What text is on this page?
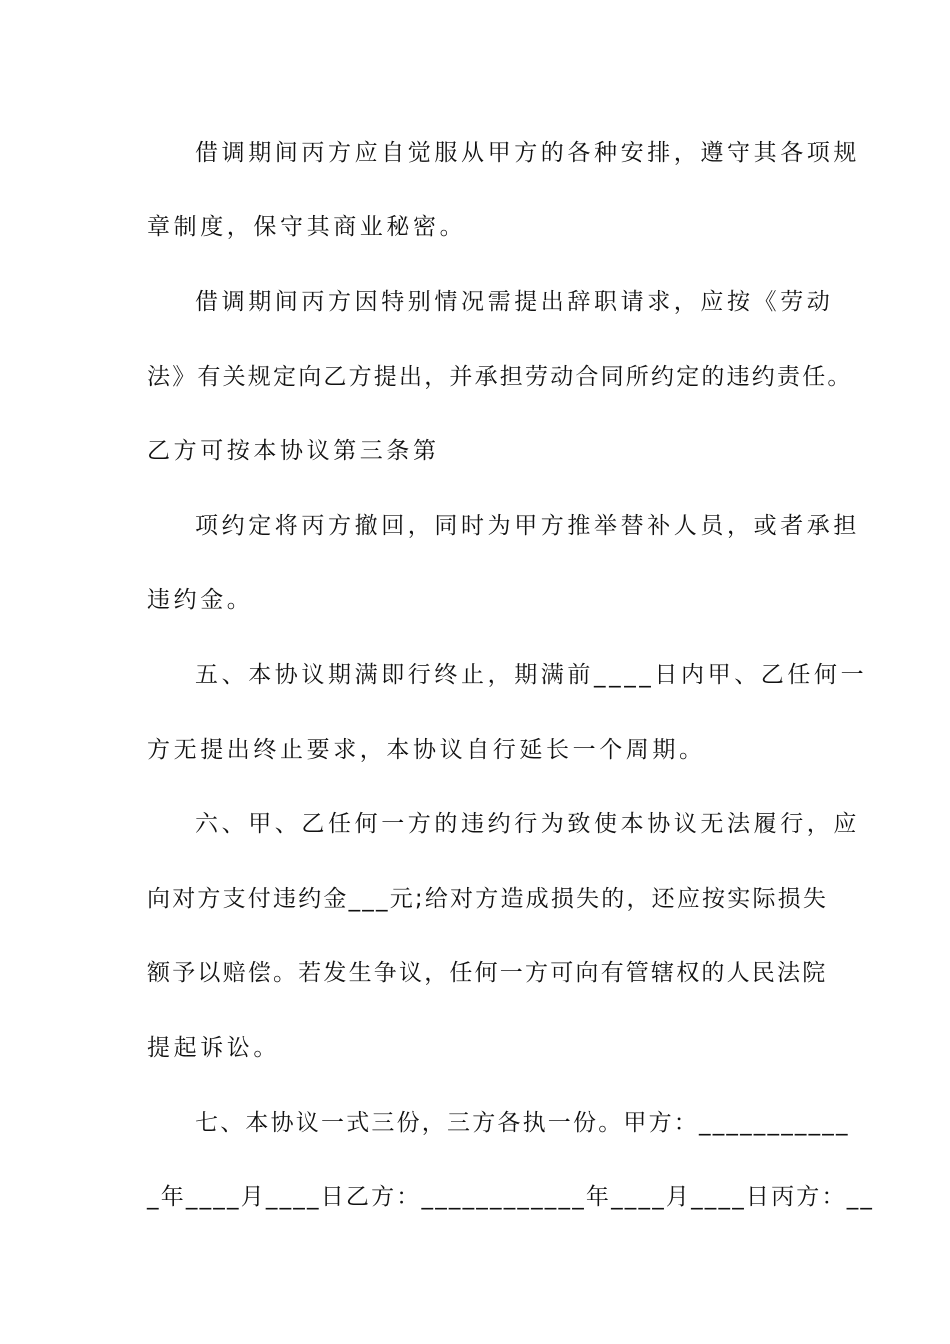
借调期间丙方应自觉服从甲方的各种安排，遵守其各项规
章制度，保守其商业秘密。
借调期间丙方因特别情况需提出辞职请求，应按《劳动
法》有关规定向乙方提出，并承担劳动合同所约定的违约责任。
乙方可按本协议第三条第
项约定将丙方撤回，同时为甲方推举替补人员，或者承担
违约金。
五、本协议期满即行终止，期满前____日内甲、乙任何一
方无提出终止要求，本协议自行延长一个周期。
六、甲、乙任何一方的违约行为致使本协议无法履行，应
向对方支付违约金___元;给对方造成损失的，还应按实际损失
额予以赔偿。若发生争议，任何一方可向有管辖权的人民法院
提起诉讼。
七、本协议一式三份，三方各执一份。甲方：___________
_年____月____日乙方：____________年____月____日丙方：__
